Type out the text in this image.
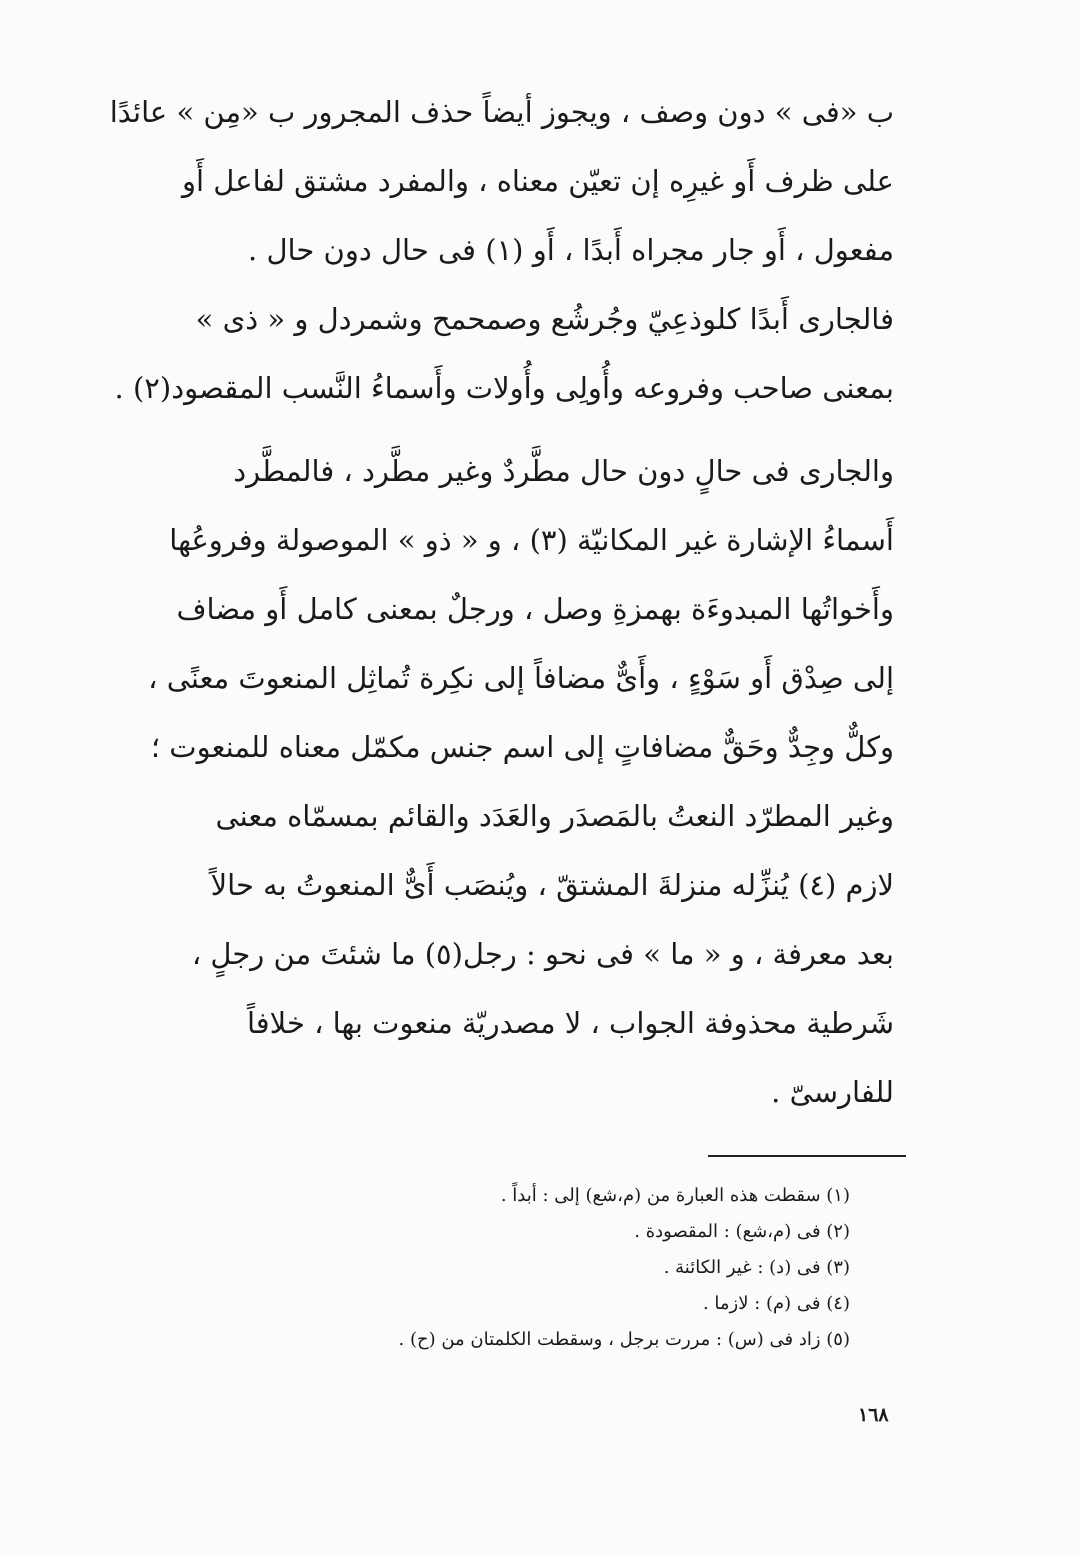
ب «فى » دون وصف ، ويجوز أيضاً حذف المجرور ب «مِن » عائدًا
على ظرف أَو غيرِه إن تعيّن معناه ، والمفرد مشتق لفاعل أَو
مفعول ، أَو جار مجراه أَبدًا ، أَو (١) فى حال دون حال .
فالجارى أَبدًا كلوذعِيّ وجُرشُع وصمحمح وشمردل و « ذى »
بمعنى صاحب وفروعه وأُولِى وأُولات وأَسماءُ النَّسب المقصود(٢) .
والجارى فى حالٍ دون حال مطَّردٌ وغير مطَّرد ، فالمطَّرد
أَسماءُ الإشارة غير المكانيّة (٣) ، و « ذو » الموصولة وفروعُها
وأَخواتُها المبدوءَة بهمزةِ وصل ، ورجلٌ بمعنى كامل أَو مضاف
إلى صِدْق أَو سَوْءٍ ، وأَىٌّ مضافاً إلى نكِرة تُماثِل المنعوتَ معنًى ،
وكلٌّ وجِدٌّ وحَقٌّ مضافاتٍ إلى اسم جنس مكمّل معناه للمنعوت ؛
وغير المطرّد النعتُ بالمَصدَر والعَدَد والقائم بمسمّاه معنى
لازم (٤) يُنزِّله منزلةَ المشتقّ ، ويُنصَب أَىٌّ المنعوتُ به حالاً
بعد معرفة ، و « ما » فى نحو : رجل(٥) ما شئتَ من رجلٍ ،
شَرطية محذوفة الجواب ، لا مصدريّة منعوت بها ، خلافاً
للفارسىّ .
(١) سقطت هذه العبارة من (م،شع) إلى : أبداً .
(٢) فى (م،شع) : المقصودة .
(٣) فى (د) : غير الكائنة .
(٤) فى (م) : لازما .
(٥) زاد فى (س) : مررت برجل ، وسقطت الكلمتان من (ح) .
١٦٨
